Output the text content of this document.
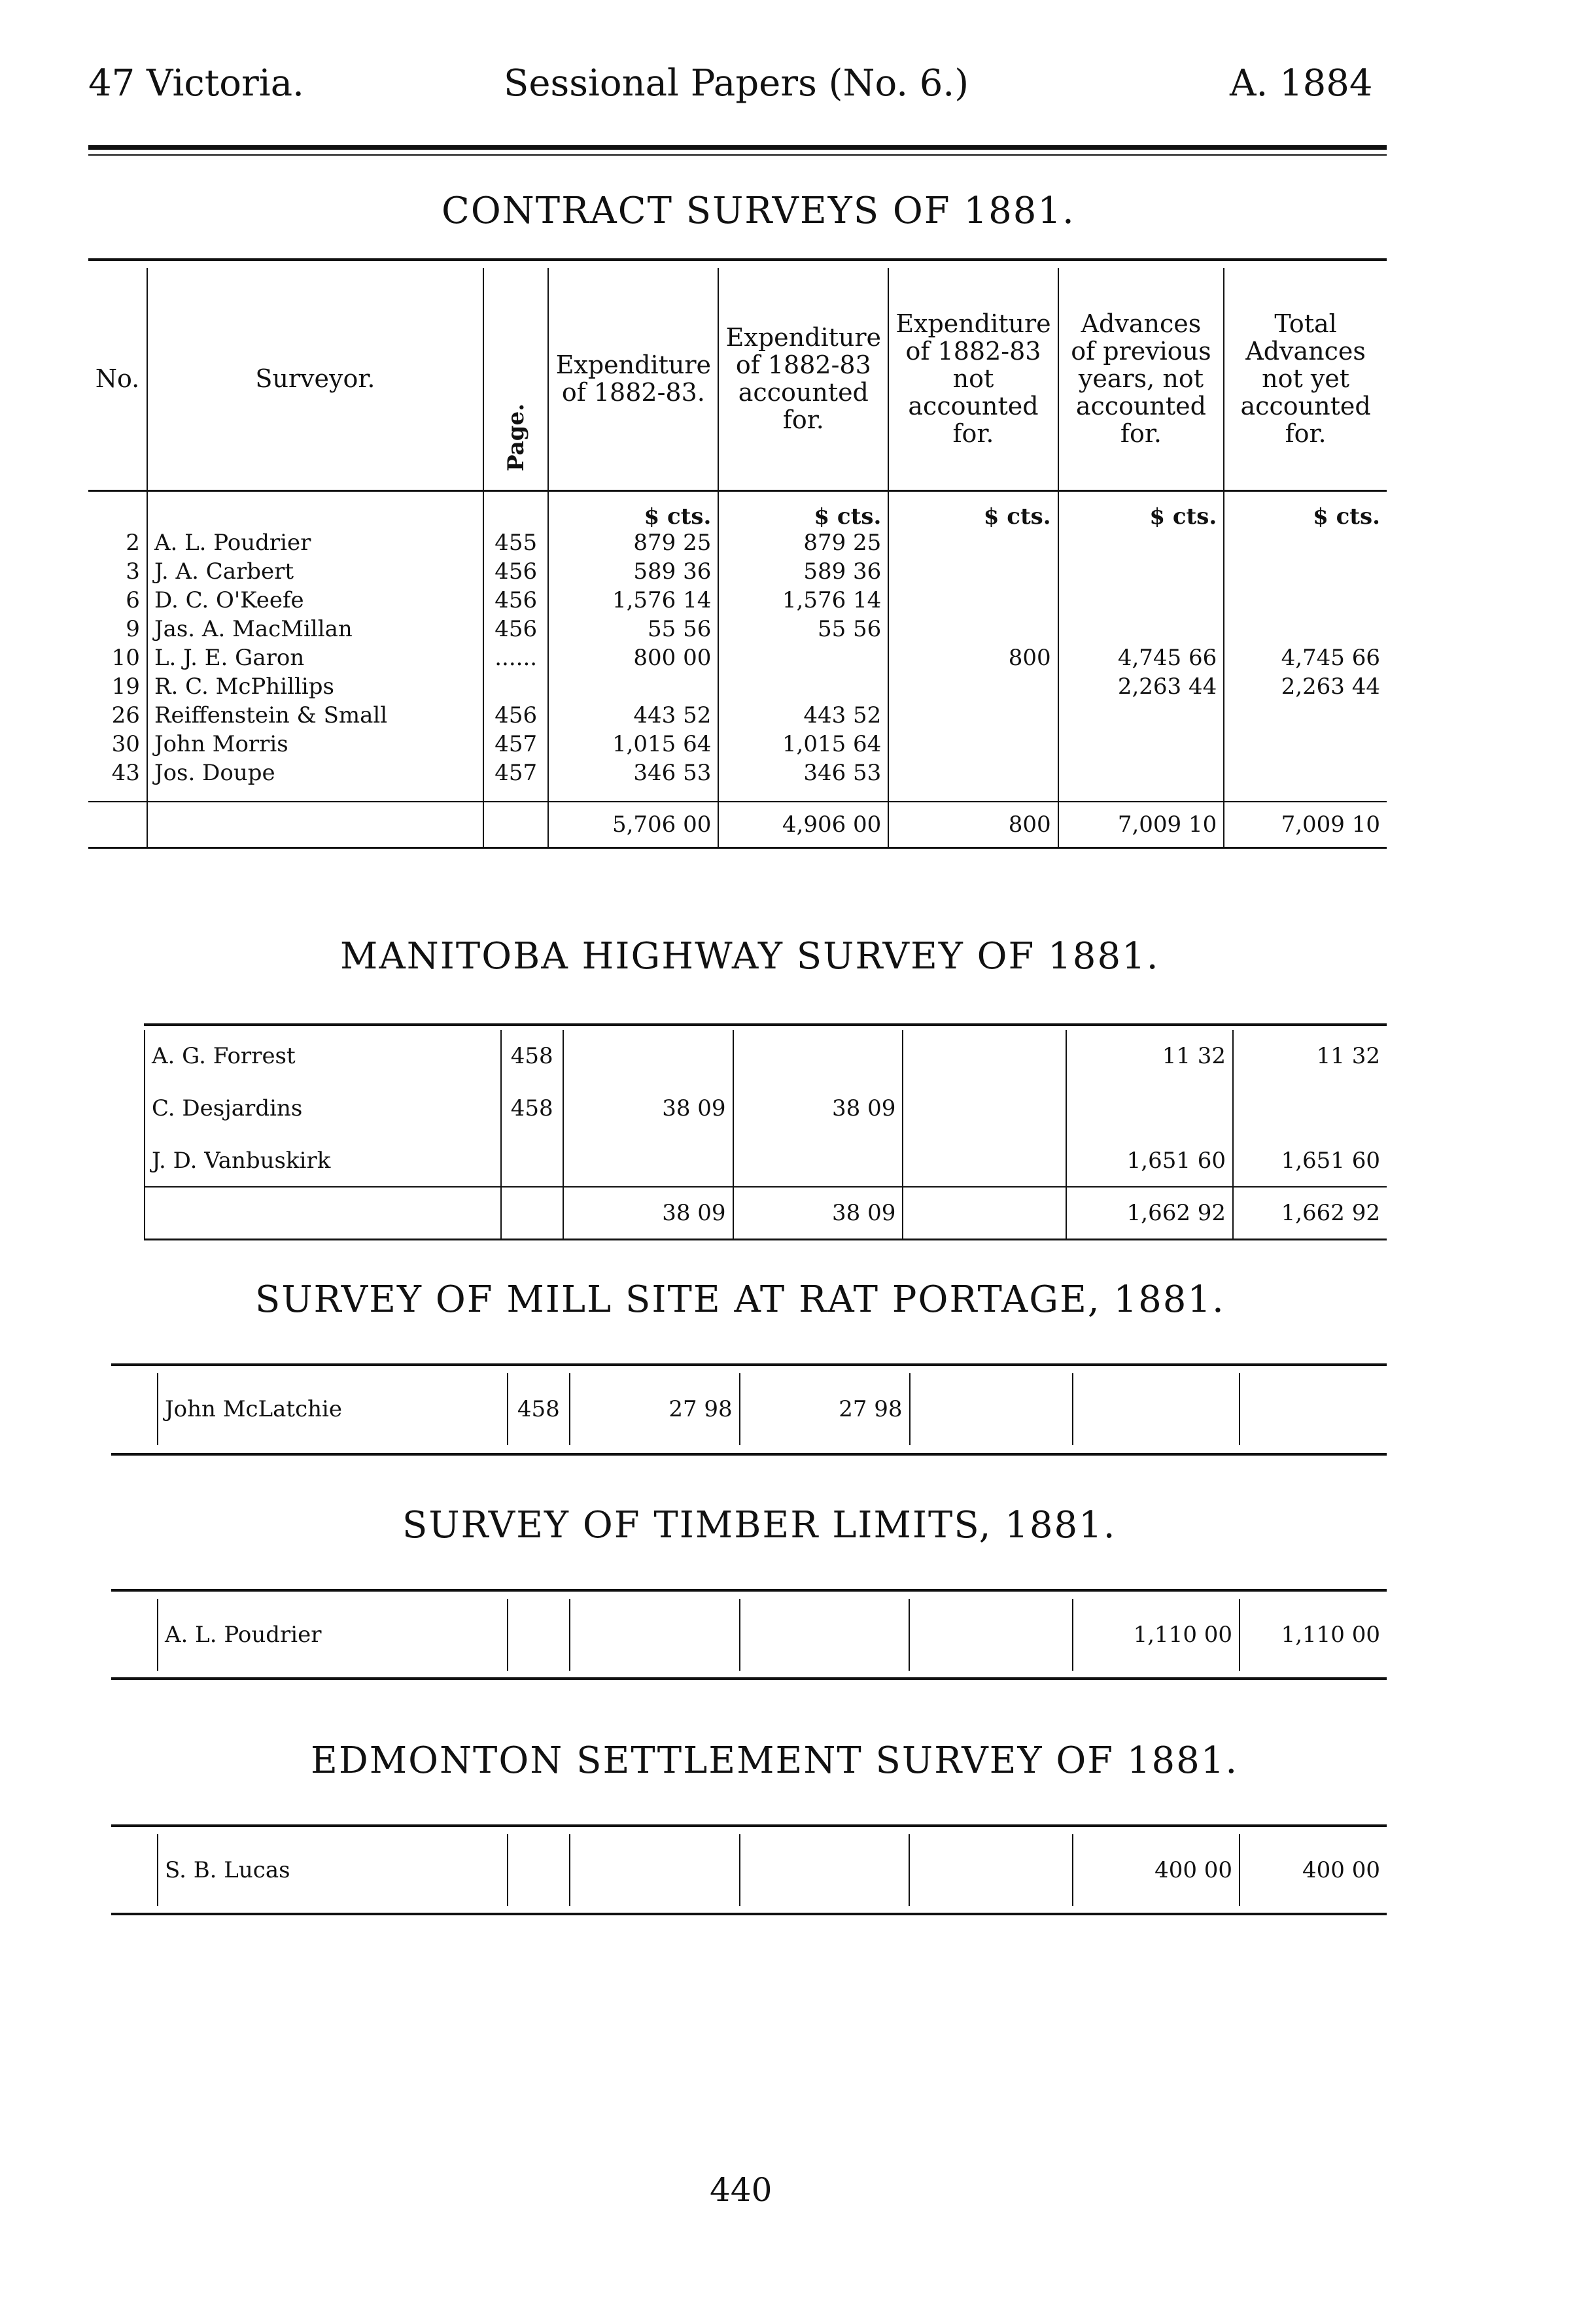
47 Victoria.	Sessional Papers (No. 6.)	A. 1884
CONTRACT SURVEYS OF 1881.
No.	Surveyor.	Page.	Expenditure of 1882-83.	Expenditure of 1882-83 accounted for.	Expenditure of 1882-83 not accounted for.	Advances of previous years, not accounted for.	Total Advances not yet accounted for.
			$ cts.	$ cts.	$ cts.	$ cts.	$ cts.
2	A. L. Poudrier	455	879 25	879 25			
3	J. A. Carbert	456	589 36	589 36			
6	D. C. O'Keefe	456	1,576 14	1,576 14			
9	Jas. A. MacMillan	456	55 56	55 56			
10	L. J. E. Garon	......	800 00		800	4,745 66	4,745 66
19	R. C. McPhillips					2,263 44	2,263 44
26	Reiffenstein & Small	456	443 52	443 52			
30	John Morris	457	1,015 64	1,015 64			
43	Jos. Doupe	457	346 53	346 53			

			5,706 00	4,906 00	800	7,009 10	7,009 10
MANITOBA HIGHWAY SURVEY OF 1881.
A. G. Forrest	458				11 32	11 32
C. Desjardins	458	38 09	38 09			
J. D. Vanbuskirk					1,651 60	1,651 60
		38 09	38 09		1,662 92	1,662 92
SURVEY OF MILL SITE AT RAT PORTAGE, 1881.
John McLatchie	458	27 98	27 98			
SURVEY OF TIMBER LIMITS, 1881.
A. L. Poudrier					1,110 00	1,110 00
EDMONTON SETTLEMENT SURVEY OF 1881.
S. B. Lucas					400 00	400 00
440
